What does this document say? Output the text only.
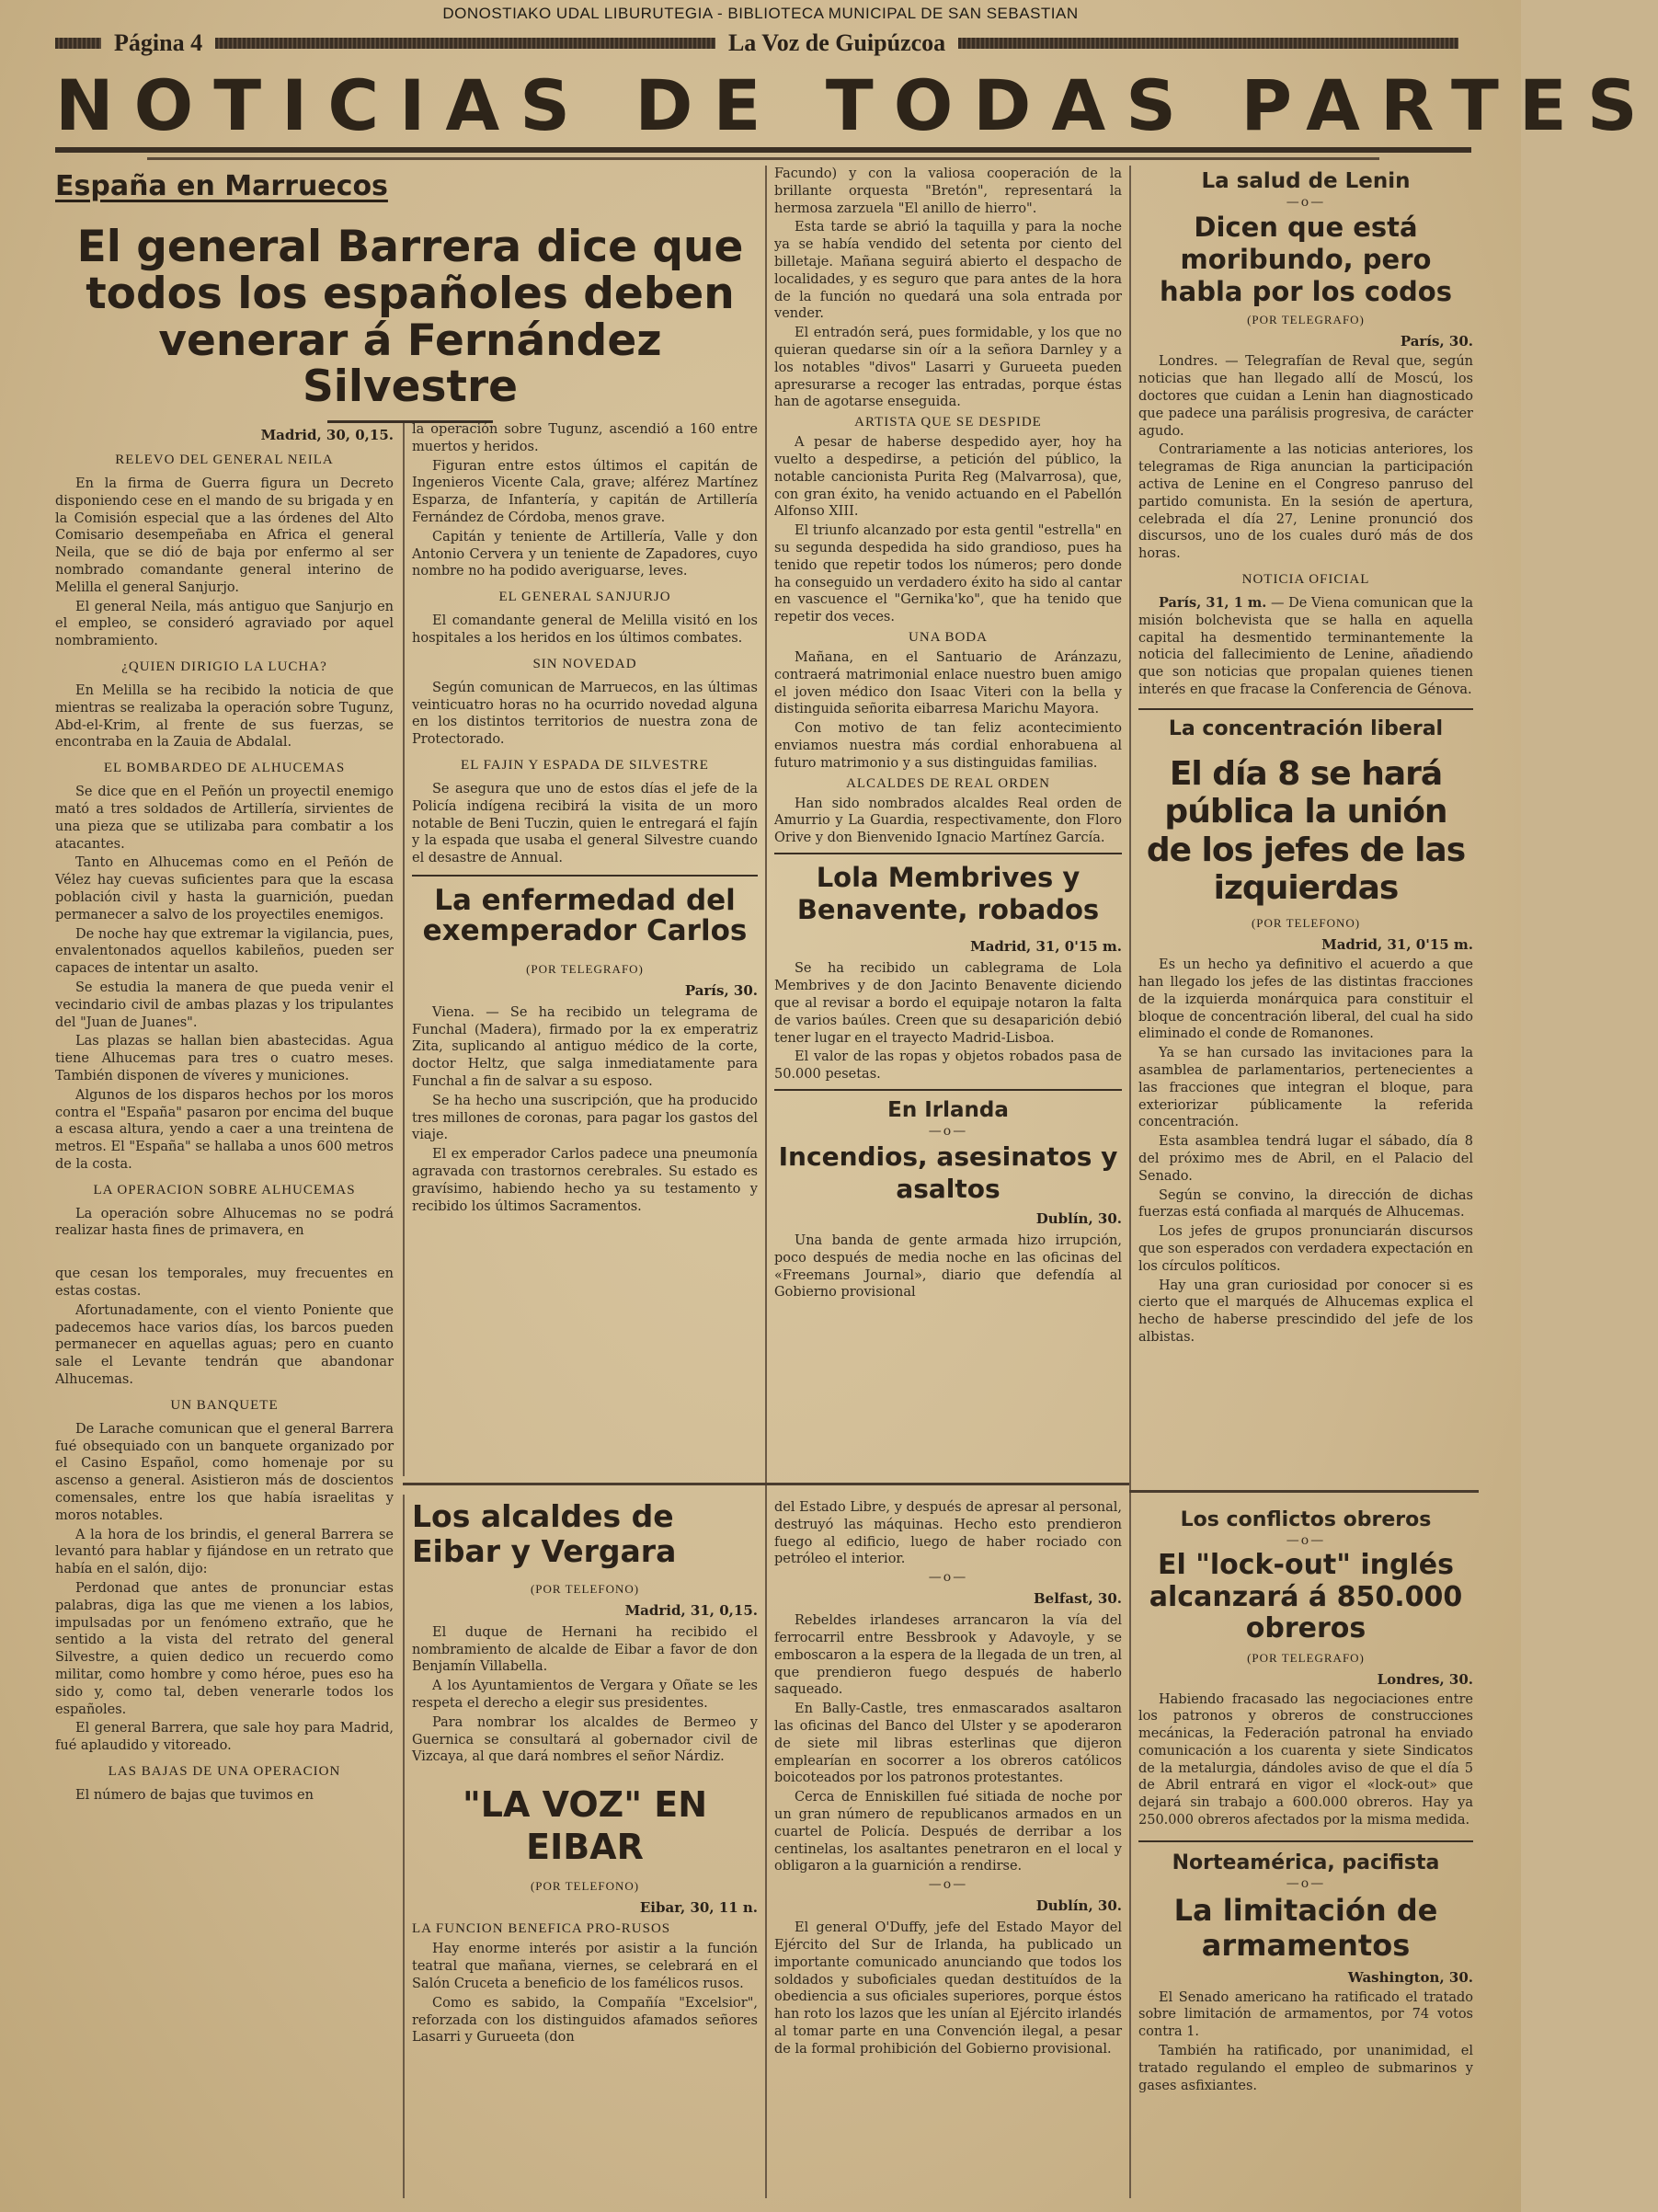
DONOSTIAKO UDAL LIBURUTEGIA - BIBLIOTECA MUNICIPAL DE SAN SEBASTIAN
Página 4	La Voz de Guipúzcoa
NOTICIAS DE TODAS PARTES
España en Marruecos
El general Barrera dice que todos los españoles deben venerar á Fernández Silvestre
Madrid, 30, 0,15.
RELEVO DEL GENERAL NEILA

En la firma de Guerra figura un Decreto disponiendo cese en el mando de su brigada y en la Comisión especial que a las órdenes del Alto Comisario desempeñaba en Africa el general Neila, que se dió de baja por enfermo al ser nombrado comandante general interino de Melilla el general Sanjurjo.

El general Neila, más antiguo que Sanjurjo en el empleo, se consideró agraviado por aquel nombramiento.

¿QUIEN DIRIGIO LA LUCHA?

En Melilla se ha recibido la noticia de que mientras se realizaba la operación sobre Tugunz, Abd-el-Krim, al frente de sus fuerzas, se encontraba en la Zauia de Abdalal.

EL BOMBARDEO DE ALHUCEMAS

Se dice que en el Peñón un proyectil enemigo mató a tres soldados de Artillería, sirvientes de una pieza que se utilizaba para combatir a los atacantes.

Tanto en Alhucemas como en el Peñón de Vélez hay cuevas suficientes para que la escasa población civil y hasta la guarnición, puedan permanecer a salvo de los proyectiles enemigos.

De noche hay que extremar la vigilancia, pues, envalentonados aquellos kabileños, pueden ser capaces de intentar un asalto.

Se estudia la manera de que pueda venir el vecindario civil de ambas plazas y los tripulantes del "Juan de Juanes".

Las plazas se hallan bien abastecidas. Agua tiene Alhucemas para tres o cuatro meses. También disponen de víveres y municiones.

Algunos de los disparos hechos por los moros contra el "España" pasaron por encima del buque a escasa altura, yendo a caer a una treintena de metros. El "España" se hallaba a unos 600 metros de la costa.

LA OPERACION SOBRE ALHUCEMAS

La operación sobre Alhucemas no se podrá realizar hasta fines de primavera, en

que cesan los temporales, muy frecuentes en estas costas.

Afortunadamente, con el viento Poniente que padecemos hace varios días, los barcos pueden permanecer en aquellas aguas; pero en cuanto sale el Levante tendrán que abandonar Alhucemas.

UN BANQUETE

De Larache comunican que el general Barrera fué obsequiado con un banquete organizado por el Casino Español, como homenaje por su ascenso a general. Asistieron más de doscientos comensales, entre los que había israelitas y moros notables.

A la hora de los brindis, el general Barrera se levantó para hablar y fijándose en un retrato que había en el salón, dijo:

Perdonad que antes de pronunciar estas palabras, diga las que me vienen a los labios, impulsadas por un fenómeno extraño, que he sentido a la vista del retrato del general Silvestre, a quien dedico un recuerdo como militar, como hombre y como héroe, pues eso ha sido y, como tal, deben venerarle todos los españoles.

El general Barrera, que sale hoy para Madrid, fué aplaudido y vitoreado.

LAS BAJAS DE UNA OPERACION

El número de bajas que tuvimos en

la operación sobre Tugunz, ascendió a 160 entre muertos y heridos.

Figuran entre estos últimos el capitán de Ingenieros Vicente Cala, grave; alférez Martínez Esparza, de Infantería, y capitán de Artillería Fernández de Córdoba, menos grave.

Capitán y teniente de Artillería, Valle y don Antonio Cervera y un teniente de Zapadores, cuyo nombre no ha podido averiguarse, leves.

EL GENERAL SANJURJO

El comandante general de Melilla visitó en los hospitales a los heridos en los últimos combates.

SIN NOVEDAD

Según comunican de Marruecos, en las últimas veinticuatro horas no ha ocurrido novedad alguna en los distintos territorios de nuestra zona de Protectorado.

EL FAJIN Y ESPADA DE SILVESTRE

Se asegura que uno de estos días el jefe de la Policía indígena recibirá la visita de un moro notable de Beni Tuczin, quien le entregará el fajín y la espada que usaba el general Silvestre cuando el desastre de Annual.

La enfermedad del exemperador Carlos
(POR TELEGRAFO)
París, 30.

Viena. — Se ha recibido un telegrama de Funchal (Madera), firmado por la ex emperatriz Zita, suplicando al antiguo médico de la corte, doctor Heltz, que salga inmediatamente para Funchal a fin de salvar a su esposo.

Se ha hecho una suscripción, que ha producido tres millones de coronas, para pagar los gastos del viaje.

El ex emperador Carlos padece una pneumonía agravada con trastornos cerebrales. Su estado es gravísimo, habiendo hecho ya su testamento y recibido los últimos Sacramentos.

Los alcaldes de Eibar y Vergara
(POR TELEFONO)
Madrid, 31, 0,15.

El duque de Hernani ha recibido el nombramiento de alcalde de Eibar a favor de don Benjamín Villabella.

A los Ayuntamientos de Vergara y Oñate se les respeta el derecho a elegir sus presidentes.

Para nombrar los alcaldes de Bermeo y Guernica se consultará al gobernador civil de Vizcaya, al que dará nombres el señor Nárdiz.

"LA VOZ" EN EIBAR
(POR TELEFONO)
Eibar, 30, 11 n.
LA FUNCION BENEFICA PRO-RUSOS

Hay enorme interés por asistir a la función teatral que mañana, viernes, se celebrará en el Salón Cruceta a beneficio de los famélicos rusos.

Como es sabido, la Compañía "Excelsior", reforzada con los distinguidos afamados señores Lasarri y Gurueeta (don

Facundo) y con la valiosa cooperación de la brillante orquesta "Bretón", representará la hermosa zarzuela "El anillo de hierro".

Esta tarde se abrió la taquilla y para la noche ya se había vendido del setenta por ciento del billetaje. Mañana seguirá abierto el despacho de localidades, y es seguro que para antes de la hora de la función no quedará una sola entrada por vender.

El entradón será, pues formidable, y los que no quieran quedarse sin oír a la señora Darnley y a los notables "divos" Lasarri y Gurueeta pueden apresurarse a recoger las entradas, porque éstas han de agotarse enseguida.

ARTISTA QUE SE DESPIDE

A pesar de haberse despedido ayer, hoy ha vuelto a despedirse, a petición del público, la notable cancionista Purita Reg (Malvarrosa), que, con gran éxito, ha venido actuando en el Pabellón Alfonso XIII.

El triunfo alcanzado por esta gentil "estrella" en su segunda despedida ha sido grandioso, pues ha tenido que repetir todos los números; pero donde ha conseguido un verdadero éxito ha sido al cantar en vascuence el "Gernika'ko", que ha tenido que repetir dos veces.

UNA BODA

Mañana, en el Santuario de Aránzazu, contraerá matrimonial enlace nuestro buen amigo el joven médico don Isaac Viteri con la bella y distinguida señorita eibarresa Marichu Mayora.

Con motivo de tan feliz acontecimiento enviamos nuestra más cordial enhorabuena al futuro matrimonio y a sus distinguidas familias.

ALCALDES DE REAL ORDEN

Han sido nombrados alcaldes Real orden de Amurrio y La Guardia, respectivamente, don Floro Orive y don Bienvenido Ignacio Martínez García.

Lola Membrives y Benavente, robados
Madrid, 31, 0'15 m.

Se ha recibido un cablegrama de Lola Membrives y de don Jacinto Benavente diciendo que al revisar a bordo el equipaje notaron la falta de varios baúles. Creen que su desaparición debió tener lugar en el trayecto Madrid-Lisboa.

El valor de las ropas y objetos robados pasa de 50.000 pesetas.

En Irlanda
—o—
Incendios, asesinatos y asaltos
Dublín, 30.

Una banda de gente armada hizo irrupción, poco después de media noche en las oficinas del «Freemans Journal», diario que defendía al Gobierno provisional

del Estado Libre, y después de apresar al personal, destruyó las máquinas. Hecho esto prendieron fuego al edificio, luego de haber rociado con petróleo el interior.

—o—
Belfast, 30.

Rebeldes irlandeses arrancaron la vía del ferrocarril entre Bessbrook y Adavoyle, y se emboscaron a la espera de la llegada de un tren, al que prendieron fuego después de haberlo saqueado.

En Bally-Castle, tres enmascarados asaltaron las oficinas del Banco del Ulster y se apoderaron de siete mil libras esterlinas que dijeron emplearían en socorrer a los obreros católicos boicoteados por los patronos protestantes.

Cerca de Enniskillen fué sitiada de noche por un gran número de republicanos armados en un cuartel de Policía. Después de derribar a los centinelas, los asaltantes penetraron en el local y obligaron a la guarnición a rendirse.

—o—
Dublín, 30.

El general O'Duffy, jefe del Estado Mayor del Ejército del Sur de Irlanda, ha publicado un importante comunicado anunciando que todos los soldados y suboficiales quedan destituídos de la obediencia a sus oficiales superiores, porque éstos han roto los lazos que les unían al Ejército irlandés al tomar parte en una Convención ilegal, a pesar de la formal prohibición del Gobierno provisional.

La salud de Lenin
—o—
Dicen que está moribundo, pero habla por los codos
(POR TELEGRAFO)
París, 30.

Londres. — Telegrafían de Reval que, según noticias que han llegado allí de Moscú, los doctores que cuidan a Lenin han diagnosticado que padece una parálisis progresiva, de carácter agudo.

Contrariamente a las noticias anteriores, los telegramas de Riga anuncian la participación activa de Lenine en el Congreso panruso del partido comunista. En la sesión de apertura, celebrada el día 27, Lenine pronunció dos discursos, uno de los cuales duró más de dos horas.

NOTICIA OFICIAL

París, 31, 1 m. — De Viena comunican que la misión bolchevista que se halla en aquella capital ha desmentido terminantemente la noticia del fallecimiento de Lenine, añadiendo que son noticias que propalan quienes tienen interés en que fracase la Conferencia de Génova.

La concentración liberal
El día 8 se hará pública la unión de los jefes de las izquierdas
(POR TELEFONO)
Madrid, 31, 0'15 m.

Es un hecho ya definitivo el acuerdo a que han llegado los jefes de las distintas fracciones de la izquierda monárquica para constituir el bloque de concentración liberal, del cual ha sido eliminado el conde de Romanones.

Ya se han cursado las invitaciones para la asamblea de parlamentarios, pertenecientes a las fracciones que integran el bloque, para exteriorizar públicamente la referida concentración.

Esta asamblea tendrá lugar el sábado, día 8 del próximo mes de Abril, en el Palacio del Senado.

Según se convino, la dirección de dichas fuerzas está confiada al marqués de Alhucemas.

Los jefes de grupos pronunciarán discursos que son esperados con verdadera expectación en los círculos políticos.

Hay una gran curiosidad por conocer si es cierto que el marqués de Alhucemas explica el hecho de haberse prescindido del jefe de los albistas.

Los conflictos obreros
—o—
El "lock-out" inglés alcanzará á 850.000 obreros
(POR TELEGRAFO)
Londres, 30.

Habiendo fracasado las negociaciones entre los patronos y obreros de construcciones mecánicas, la Federación patronal ha enviado comunicación a los cuarenta y siete Sindicatos de la metalurgia, dándoles aviso de que el día 5 de Abril entrará en vigor el «lock-out» que dejará sin trabajo a 600.000 obreros. Hay ya 250.000 obreros afectados por la misma medida.

Norteamérica, pacifista
—o—
La limitación de armamentos
Washington, 30.

El Senado americano ha ratificado el tratado sobre limitación de armamentos, por 74 votos contra 1.

También ha ratificado, por unanimidad, el tratado regulando el empleo de submarinos y gases asfixiantes.
